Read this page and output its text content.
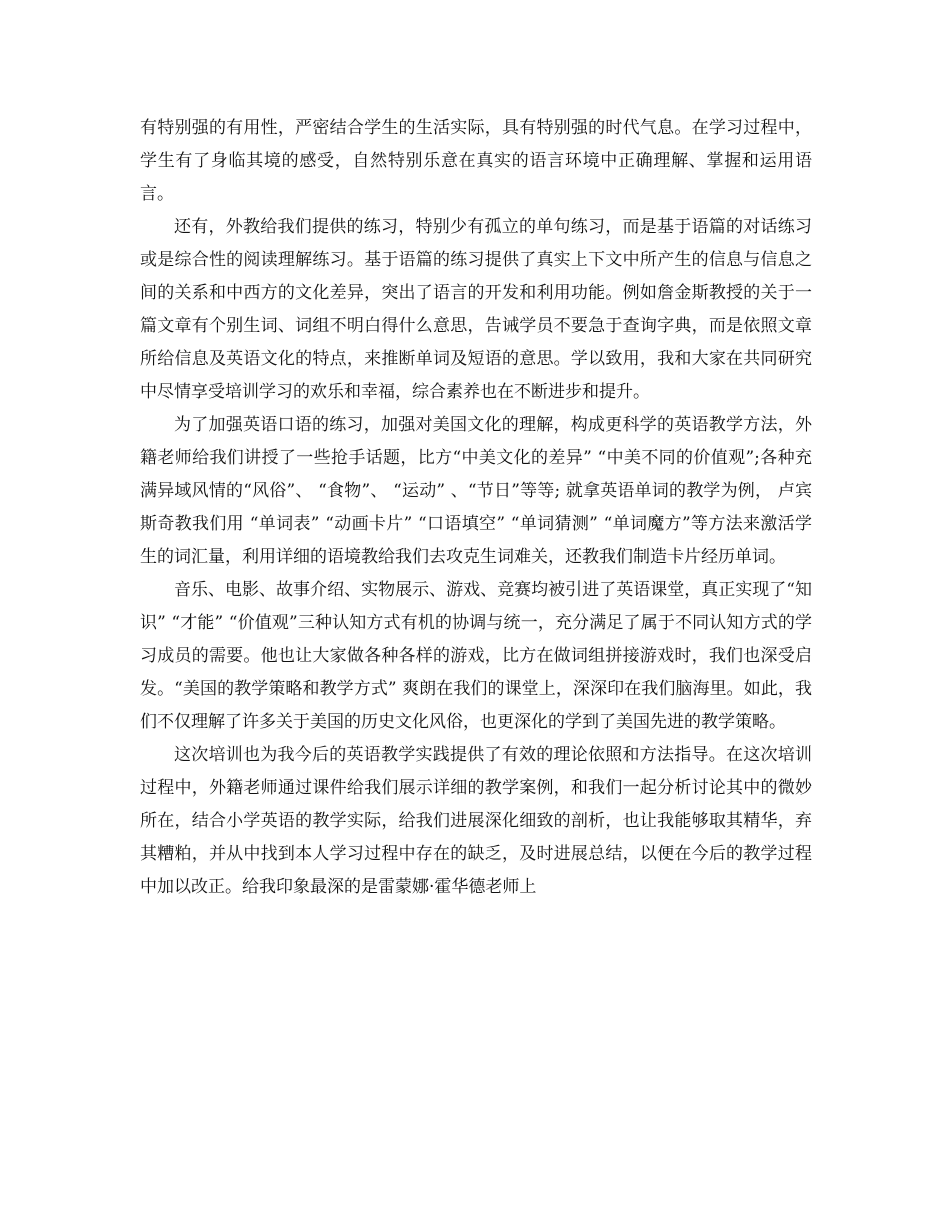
有特别强的有用性，严密结合学生的生活实际，具有特别强的时代气息。在学习过程中，学生有了身临其境的感受，自然特别乐意在真实的语言环境中正确理解、掌握和运用语言。

还有，外教给我们提供的练习，特别少有孤立的单句练习，而是基于语篇的对话练习或是综合性的阅读理解练习。基于语篇的练习提供了真实上下文中所产生的信息与信息之间的关系和中西方的文化差异，突出了语言的开发和利用功能。例如詹金斯教授的关于一篇文章有个别生词、词组不明白得什么意思，告诫学员不要急于查询字典，而是依照文章所给信息及英语文化的特点，来推断单词及短语的意思。学以致用，我和大家在共同研究中尽情享受培训学习的欢乐和幸福，综合素养也在不断进步和提升。

为了加强英语口语的练习，加强对美国文化的理解，构成更科学的英语教学方法，外籍老师给我们讲授了一些抢手话题，比方“中美文化的差异” “中美不同的价值观”;各种充满异域风情的“风俗”、 “食物”、 “运动” 、“节日”等等; 就拿英语单词的教学为例， 卢宾斯奇教我们用 “单词表” “动画卡片” “口语填空” “单词猜测” “单词魔方”等方法来激活学生的词汇量，利用详细的语境教给我们去攻克生词难关，还教我们制造卡片经历单词。

音乐、电影、故事介绍、实物展示、游戏、竞赛均被引进了英语课堂，真正实现了“知识” “才能” “价值观”三种认知方式有机的协调与统一，充分满足了属于不同认知方式的学习成员的需要。他也让大家做各种各样的游戏，比方在做词组拼接游戏时，我们也深受启发。“美国的教学策略和教学方式” 爽朗在我们的课堂上，深深印在我们脑海里。如此，我们不仅理解了许多关于美国的历史文化风俗，也更深化的学到了美国先进的教学策略。

这次培训也为我今后的英语教学实践提供了有效的理论依照和方法指导。在这次培训过程中，外籍老师通过课件给我们展示详细的教学案例，和我们一起分析讨论其中的微妙所在，结合小学英语的教学实际，给我们进展深化细致的剖析，也让我能够取其精华，弃其糟粕，并从中找到本人学习过程中存在的缺乏，及时进展总结，以便在今后的教学过程中加以改正。给我印象最深的是雷蒙娜·霍华德老师上
